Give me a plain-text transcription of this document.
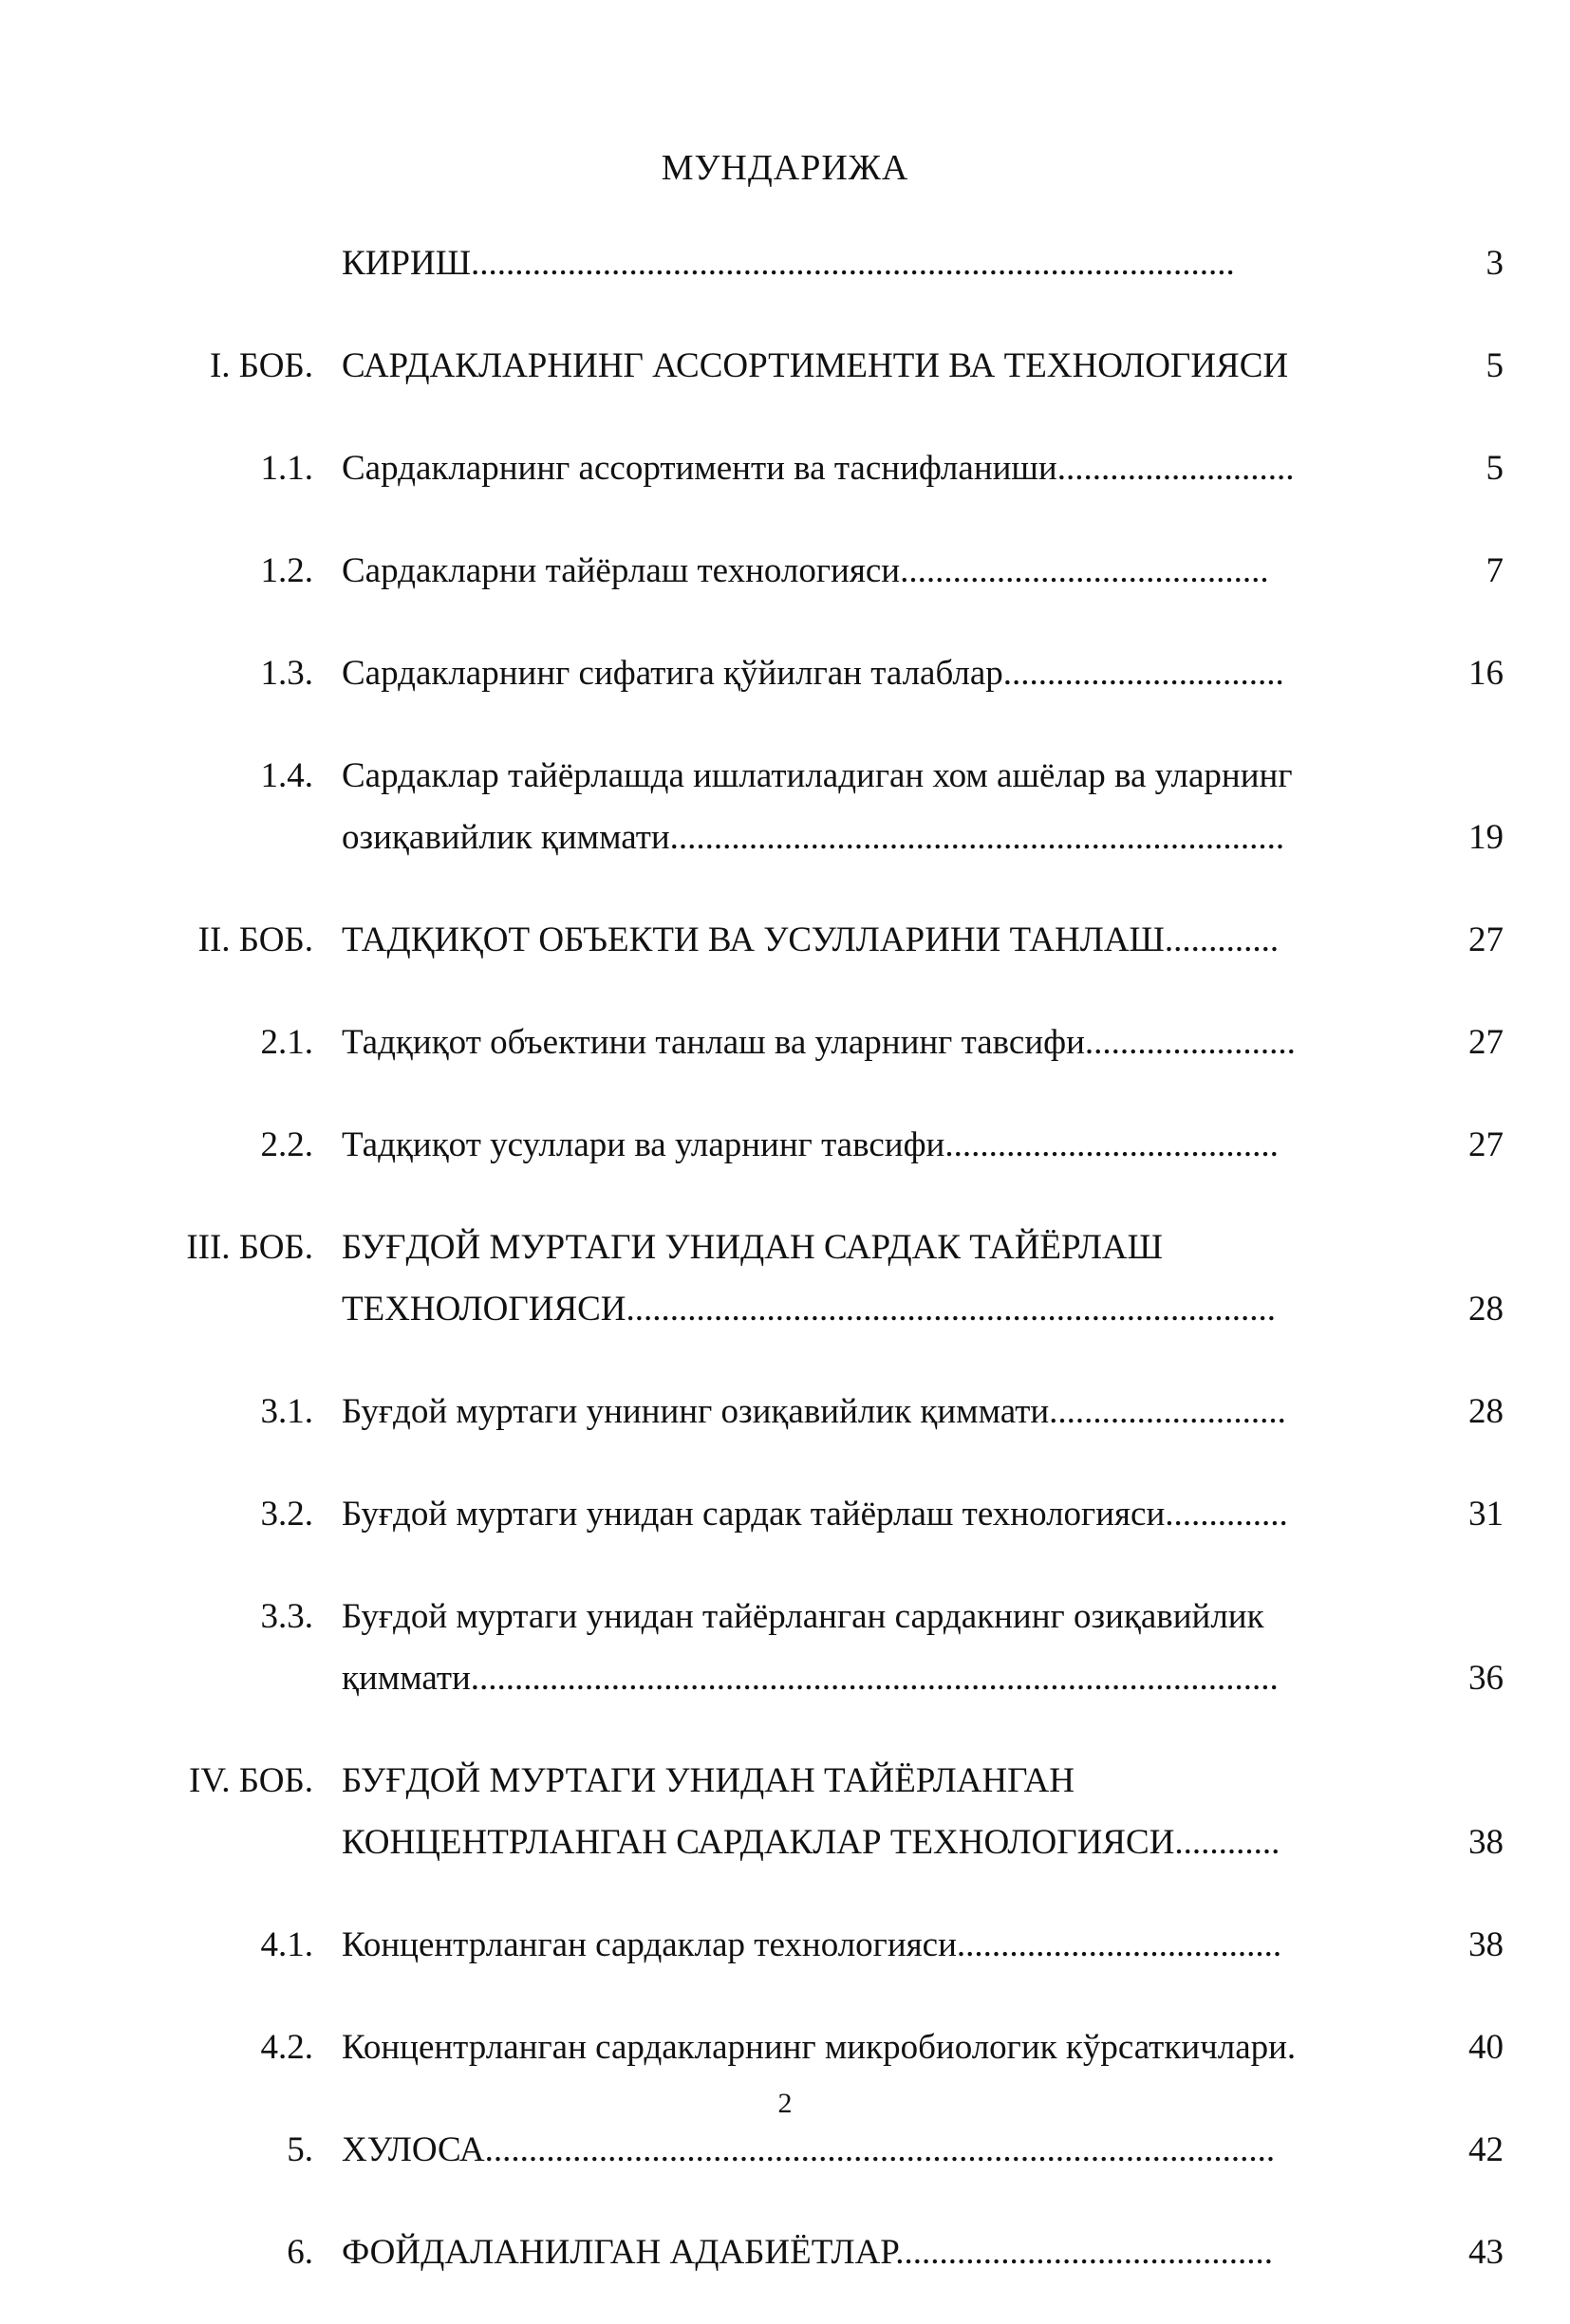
МУНДАРИЖА
КИРИШ.......................................................................................	3
I. БОБ. САРДАКЛАРНИНГ АССОРТИМЕНТИ ВА ТЕХНОЛОГИЯСИ	5
1.1. Сардакларнинг ассортименти ва таснифланиши...........................	5
1.2. Сардакларни тайёрлаш технологияси..........................................	7
1.3. Сардакларнинг сифатига қўйилган талаблар................................	16
1.4. Сардаклар тайёрлашда ишлатиладиган хом ашёлар ва уларнинг озиқавийлик қиммати......................................................................	19
II. БОБ. ТАДҚИҚОТ ОБЪЕКТИ ВА УСУЛЛАРИНИ ТАНЛАШ.............	27
2.1. Тадқиқот объектини танлаш ва уларнинг тавсифи........................	27
2.2. Тадқиқот усуллари ва уларнинг тавсифи......................................	27
III. БОБ. БУҒДОЙ МУРТАГИ УНИДАН САРДАК ТАЙЁРЛАШ ТЕХНОЛОГИЯСИ..........................................................................	28
3.1. Буғдой муртаги унининг озиқавийлик қиммати...........................	28
3.2. Буғдой муртаги унидан сардак тайёрлаш технологияси..............	31
3.3. Буғдой муртаги унидан тайёрланган сардакнинг озиқавийлик қиммати............................................................................................	36
IV. БОБ. БУҒДОЙ МУРТАГИ УНИДАН ТАЙЁРЛАНГАН КОНЦЕНТРЛАНГАН САРДАКЛАР ТЕХНОЛОГИЯСИ............	38
4.1. Концентрланган сардаклар технологияси.....................................	38
4.2. Концентрланган сардакларнинг микробиологик кўрсаткичлари.	40
5. ХУЛОСА..........................................................................................	42
6. ФОЙДАЛАНИЛГАН АДАБИЁТЛАР...........................................	43
2
